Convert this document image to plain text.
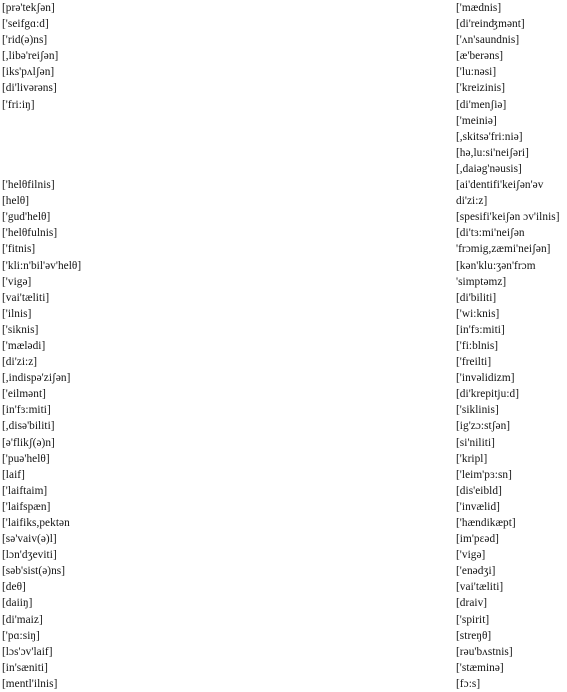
[prə'tekʃən]
['seifgɑ:d]
['rid(ə)ns]
[,libə'reiʃən]
[iks'pʌlʃən]
[di'livərəns]
['fri:iŋ]
['helθfilnis]
[helθ]
['gud'helθ]
['helθfulnis]
['fitnis]
['kli:n'bil'əv'helθ]
['vigə]
[vai'tæliti]
['ilnis]
['siknis]
['mælədi]
[di'zi:z]
[,indispə'ziʃən]
['eilmənt]
[in'fɜ:miti]
[,disə'biliti]
[ə'flikʃ(ə)n]
['puə'helθ]
[laif]
['laiftaim]
['laifspæn]
['laifiks,pektən
[sə'vaiv(ə)l]
[lɔn'dʒeviti]
[səb'sist(ə)ns]
[deθ]
[daiiŋ]
[di'maiz]
['pɑ:siŋ]
[lɔs'ɔv'laif]
[in'sæniti]
[mentl'ilnis]
['mædnis]
[di'reinʤmənt]
['ʌn'saundnis]
[æ'berəns]
['lu:nəsi]
['kreizinis]
[di'menʃiə]
['meiniə]
[,skitsə'fri:niə]
[hə,lu:si'neiʃəri]
[,daiəg'nəusis]
[ai'dentifi'keiʃən'əv
di'zi:z]
[spesifi'keiʃən ɔv'ilnis]
[di'tɜ:mi'neiʃən
'frɔmig,zæmi'neiʃən]
[kən'klu:ʒən'frɔm
'simptəmz]
[di'biliti]
['wi:knis]
[in'fɜ:miti]
['fi:blnis]
['freilti]
['invəlidizm]
[di'krepitju:d]
['siklinis]
[ig'zɔ:stʃən]
[si'niliti]
['kripl]
['leim'pɜ:sn]
[dis'eibld]
['invælid]
['hændikæpt]
[im'pɛəd]
['vigə]
['enədʒi]
[vai'tæliti]
[draiv]
['spirit]
[streŋθ]
[rəu'bʌstnis]
['stæminə]
[fɔ:s]
